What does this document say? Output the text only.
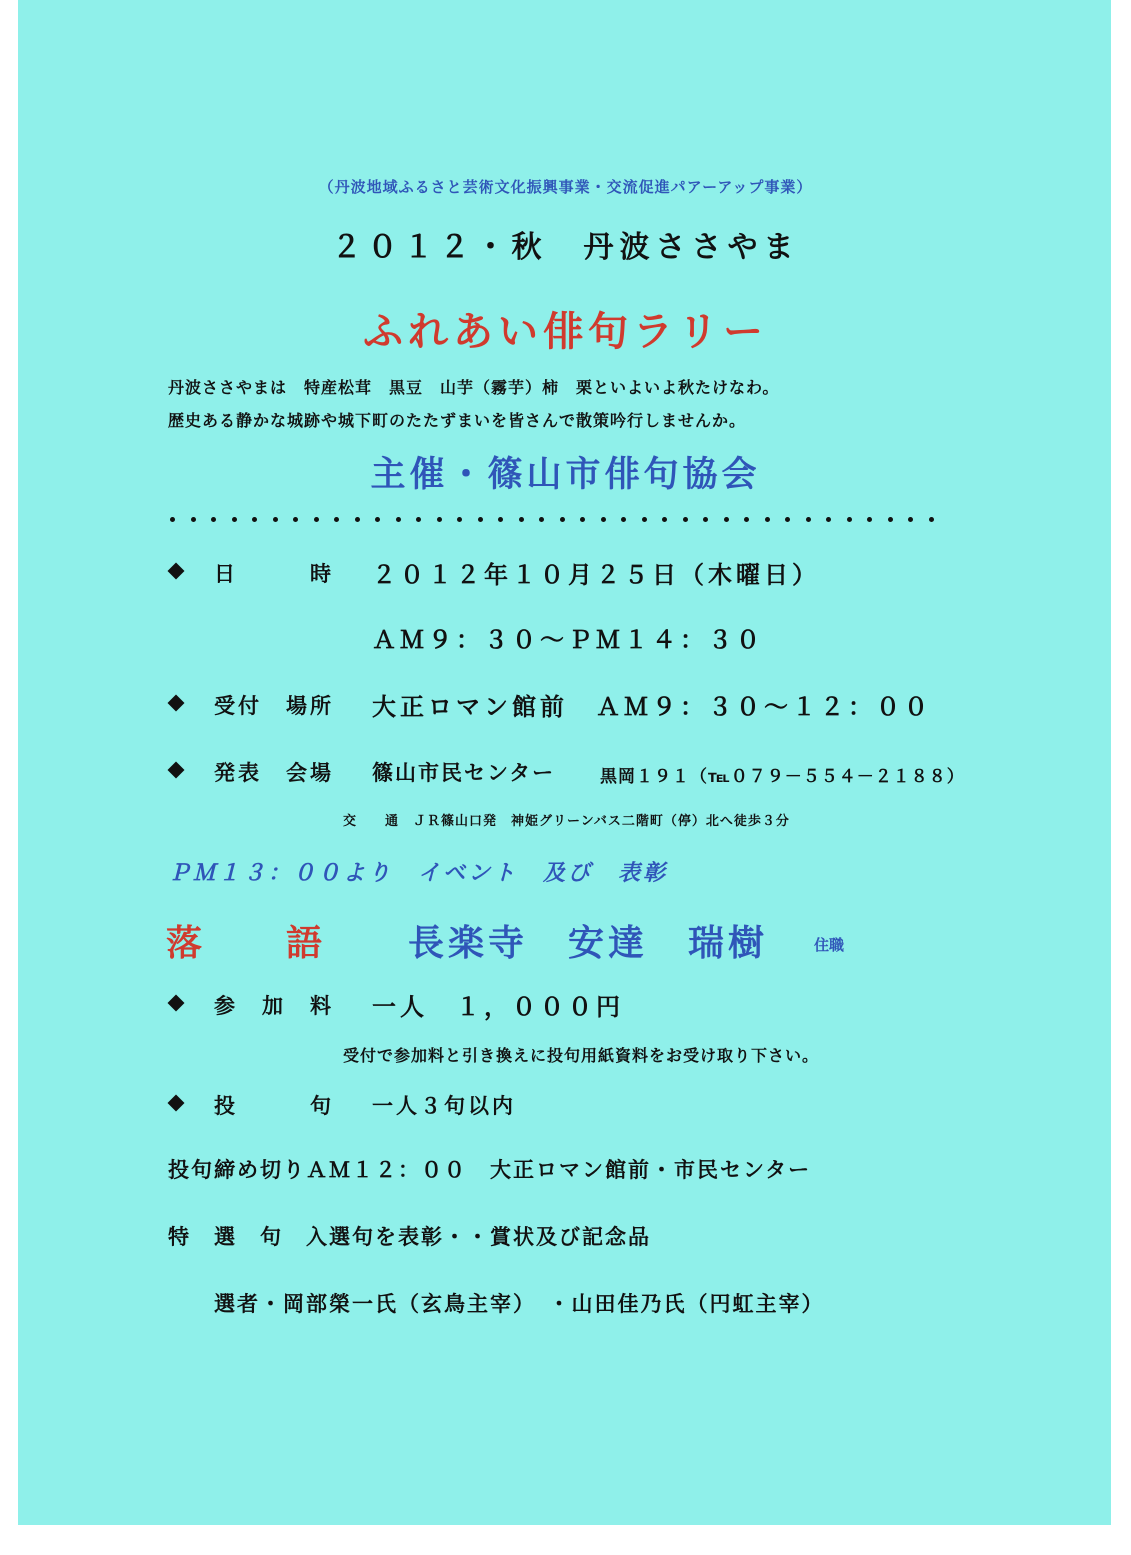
（丹波地域ふるさと芸術文化振興事業・交流促進パアーアップ事業）
２０１２・秋　丹波ささやま
ふれあい俳句ラリー
丹波ささやまは　特産松茸　黒豆　山芋（霧芋）柿　栗といよいよ秋たけなわ。
歴史ある静かな城跡や城下町のたたずまいを皆さんで散策吟行しませんか。
主催・篠山市俳句協会
日　　　時 ２０１２年１０月２５日（木曜日）
ＡＭ９：３０～ＰＭ１４：３０
受付　場所 大正ロマン館前　ＡＭ９：３０～１２：００
発表　会場 篠山市民センター	黒岡１９１（℡０７９－５５４－２１８８）
交　　通　ＪＲ篠山口発　神姫グリーンバス二階町（停）北へ徒歩３分
ＰＭ１３：００より　イベント　及び　表彰
落　　語 長楽寺　安達　瑞樹	住職
参　加　料 一人　１，０００円
受付で参加料と引き換えに投句用紙資料をお受け取り下さい。
投　　　句 一人３句以内
投句締め切りＡＭ１２：００　大正ロマン館前・市民センター
特　選　句　入選句を表彰・・賞状及び記念品
選者・岡部榮一氏（玄鳥主宰）　・山田佳乃氏（円虹主宰）
